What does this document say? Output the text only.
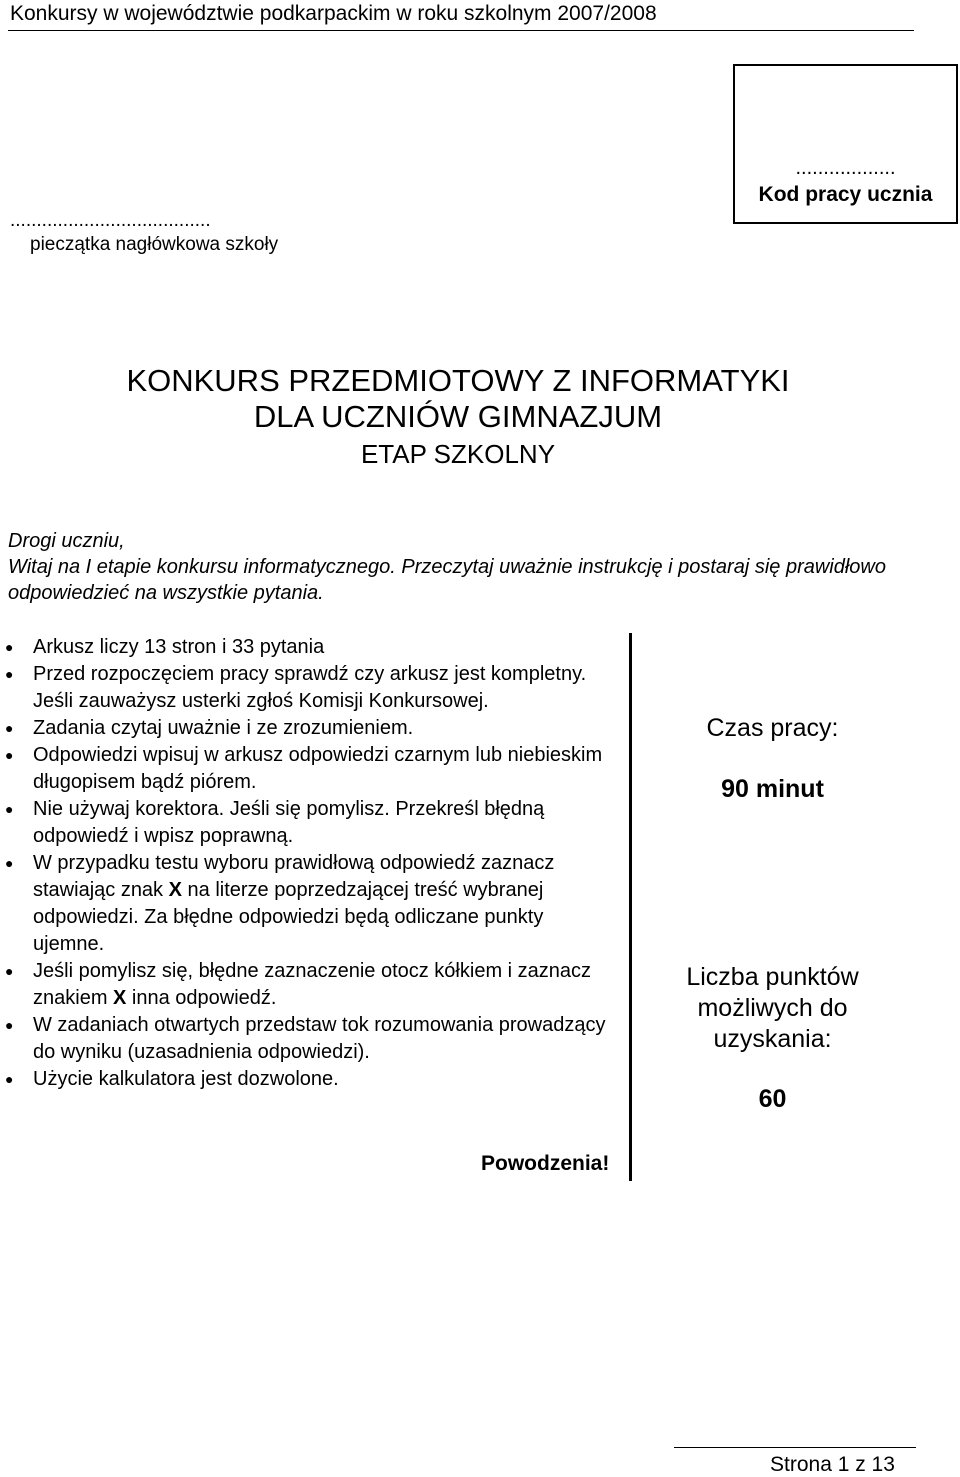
Konkursy w województwie podkarpackim w roku szkolnym 2007/2008
..................
Kod pracy ucznia
......................................
pieczątka nagłówkowa szkoły
KONKURS PRZEDMIOTOWY Z INFORMATYKI
DLA UCZNIÓW GIMNAZJUM
ETAP SZKOLNY

Drogi uczniu,

Witaj na I etapie konkursu informatycznego. Przeczytaj uważnie instrukcję i postaraj się prawidłowo odpowiedzieć na wszystkie pytania.

● Arkusz liczy 13 stron i 33 pytania
● Przed rozpoczęciem pracy sprawdź czy arkusz jest kompletny. Jeśli zauważysz usterki zgłoś Komisji Konkursowej.
● Zadania czytaj uważnie i ze zrozumieniem.
● Odpowiedzi wpisuj w arkusz odpowiedzi czarnym lub niebieskim długopisem bądź piórem.
● Nie używaj korektora. Jeśli się pomylisz. Przekreśl błędną odpowiedź i wpisz poprawną.
● W przypadku testu wyboru prawidłową odpowiedź zaznacz stawiając znak X na literze poprzedzającej treść wybranej odpowiedzi. Za błędne odpowiedzi będą odliczane punkty ujemne.
● Jeśli pomylisz się, błędne zaznaczenie otocz kółkiem i zaznacz znakiem X inna odpowiedź.
● W zadaniach otwartych przedstaw tok rozumowania prowadzący do wyniku (uzasadnienia odpowiedzi).
● Użycie kalkulatora jest dozwolone.
Czas pracy:
90 minut
Liczba punktów możliwych do uzyskania:
60
Powodzenia!
Strona 1 z 13
